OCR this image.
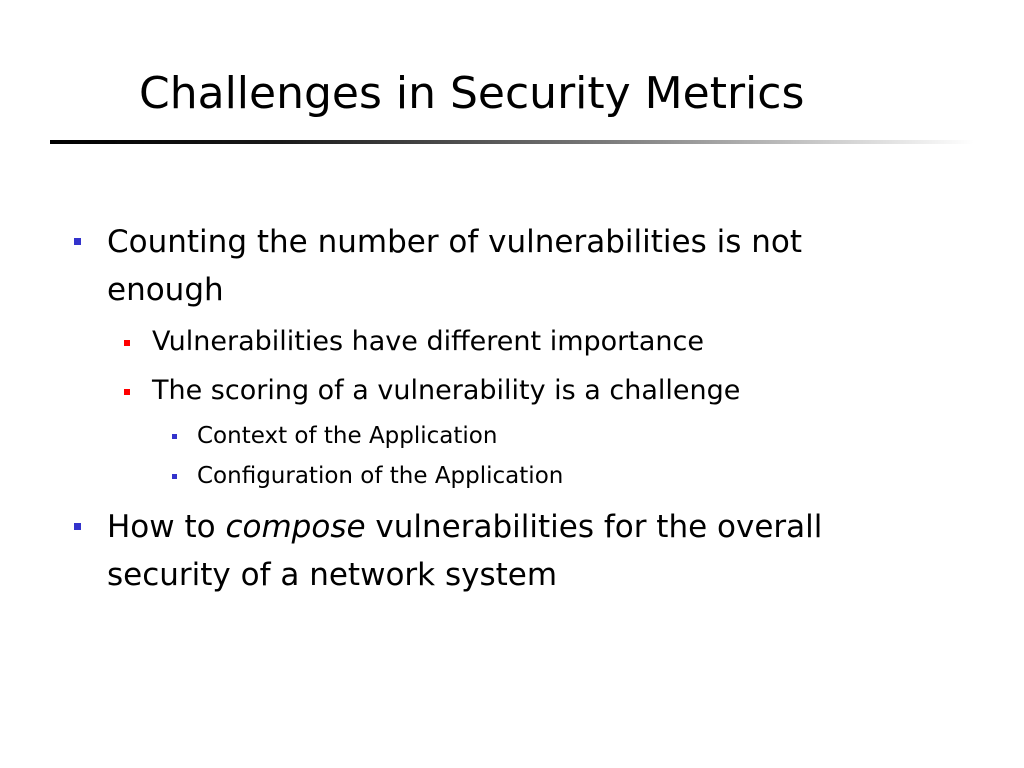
Challenges in Security Metrics
Counting the number of vulnerabilities is not
enough
Vulnerabilities have different importance
The scoring of a vulnerability is a challenge
Context of the Application
Configuration of the Application
How to compose vulnerabilities for the overall
security of a network system
